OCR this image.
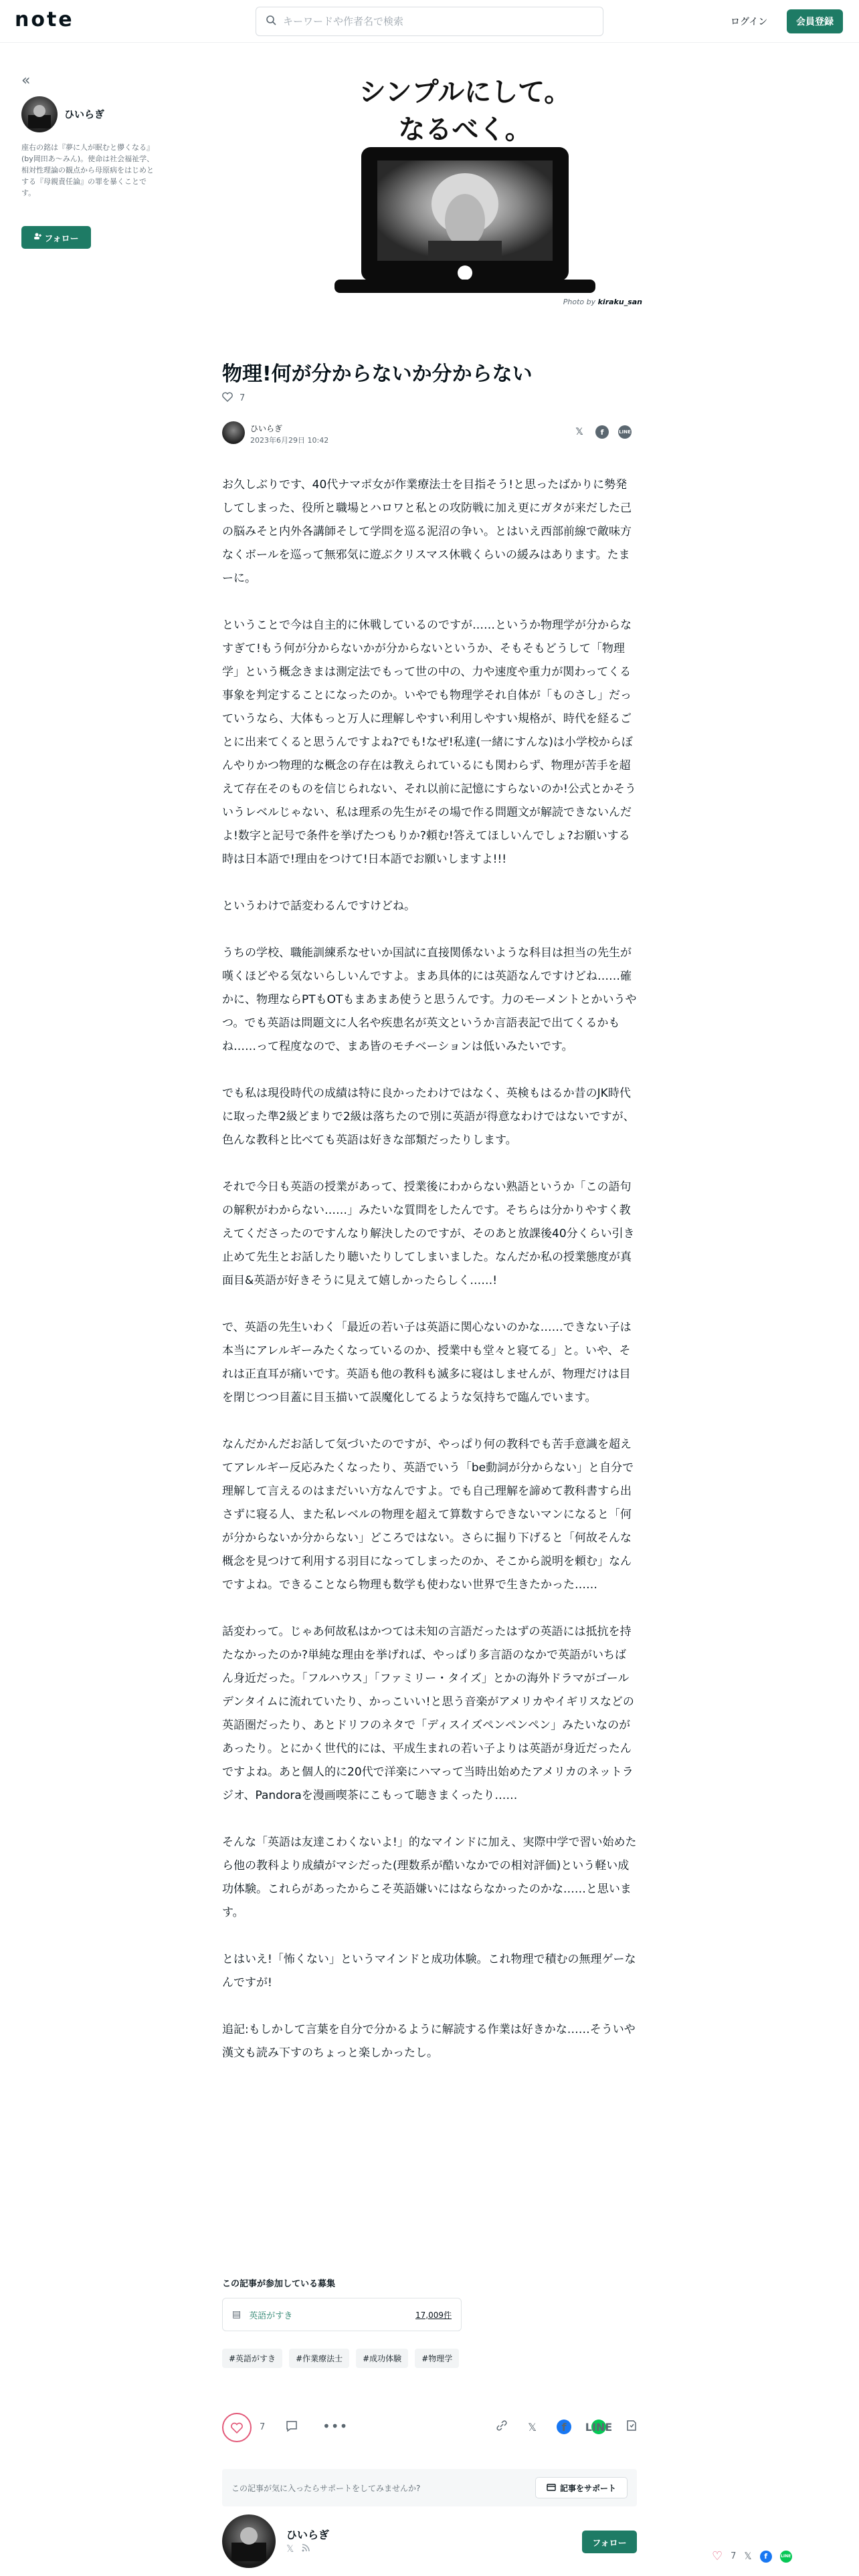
note
キーワードや作者名で検索	ログイン	会員登録
«
ひいらぎ
座右の銘は『夢に人が眠むと儚くなる』(by岡田あ〜みん)。使命は社会福祉学、相対性理論の観点から母原病をはじめとする『母親責任論』の罪を暴くことです。
フォロー
シンプルにして。
なるべく。
Photo by kiraku_san
物理!何が分からないか分からない
7
ひいらぎ
2023年6月29日 10:42
𝕏	f	LINE

お久しぶりです、40代ナマポ女が作業療法士を目指そう!と思ったばかりに勢発してしまった、役所と職場とハロワと私との攻防戦に加え更にガタが来だした己の脳みそと内外各講師そして学問を巡る泥沼の争い。とはいえ西部前線で敵味方なくボールを巡って無邪気に遊ぶクリスマス休戦くらいの緩みはあります。たまーに。

ということで今は自主的に休戦しているのですが……というか物理学が分からなすぎて!もう何が分からないかが分からないというか、そもそもどうして「物理学」という概念きまは測定法でもって世の中の、力や速度や重力が関わってくる事象を判定することになったのか。いやでも物理学それ自体が「ものさし」だっていうなら、大体もっと万人に理解しやすい利用しやすい規格が、時代を経るごとに出来てくると思うんですよね?でも!なぜ!私達(一緒にすんな)は小学校からぼんやりかつ物理的な概念の存在は教えられているにも関わらず、物理が苦手を超えて存在そのものを信じられない、それ以前に記憶にすらないのか!公式とかそういうレベルじゃない、私は理系の先生がその場で作る問題文が解読できないんだよ!数字と記号で条件を挙げたつもりか?頼む!答えてほしいんでしょ?お願いする時は日本語で!理由をつけて!日本語でお願いしますよ!!!

というわけで話変わるんですけどね。

うちの学校、職能訓練系なせいか国試に直接関係ないような科目は担当の先生が嘆くほどやる気ないらしいんですよ。まあ具体的には英語なんですけどね……確かに、物理ならPTもOTもまあまあ使うと思うんです。力のモーメントとかいうやつ。でも英語は問題文に人名や疾患名が英文というか言語表記で出てくるかもね……って程度なので、まあ皆のモチベーションは低いみたいです。

でも私は現役時代の成績は特に良かったわけではなく、英検もはるか昔のJK時代に取った準2級どまりで2級は落ちたので別に英語が得意なわけではないですが、色んな教科と比べても英語は好きな部類だったりします。

それで今日も英語の授業があって、授業後にわからない熟語というか「この語句の解釈がわからない……」みたいな質問をしたんです。そちらは分かりやすく教えてくださったのですんなり解決したのですが、そのあと放課後40分くらい引き止めて先生とお話したり聴いたりしてしまいました。なんだか私の授業態度が真面目&英語が好きそうに見えて嬉しかったらしく……!

で、英語の先生いわく「最近の若い子は英語に関心ないのかな……できない子は本当にアレルギーみたくなっているのか、授業中も堂々と寝てる」と。いや、それは正直耳が痛いです。英語も他の教科も滅多に寝はしませんが、物理だけは目を閉じつつ目蓋に目玉描いて誤魔化してるような気持ちで臨んでいます。

なんだかんだお話して気づいたのですが、やっぱり何の教科でも苦手意識を超えてアレルギー反応みたくなったり、英語でいう「be動詞が分からない」と自分で理解して言えるのはまだいい方なんですよ。でも自己理解を諦めて教科書すら出さずに寝る人、また私レベルの物理を超えて算数すらできないマンになると「何が分からないか分からない」どころではない。さらに掘り下げると「何故そんな概念を見つけて利用する羽目になってしまったのか、そこから説明を頼む」なんですよね。できることなら物理も数学も使わない世界で生きたかった……

話変わって。じゃあ何故私はかつては未知の言語だったはずの英語には抵抗を持たなかったのか?単純な理由を挙げれば、やっぱり多言語のなかで英語がいちばん身近だった。「フルハウス」「ファミリー・タイズ」とかの海外ドラマがゴールデンタイムに流れていたり、かっこいい!と思う音楽がアメリカやイギリスなどの英語圏だったり、あとドリフのネタで「ディスイズペンペンペン」みたいなのがあったり。とにかく世代的には、平成生まれの若い子よりは英語が身近だったんですよね。あと個人的に20代で洋楽にハマって当時出始めたアメリカのネットラジオ、Pandoraを漫画喫茶にこもって聴きまくったり……

そんな「英語は友達こわくないよ!」的なマインドに加え、実際中学で習い始めたら他の教科より成績がマシだった(理数系が酷いなかでの相対評価)という軽い成功体験。これらがあったからこそ英語嫌いにはならなかったのかな……と思います。

とはいえ!「怖くない」というマインドと成功体験。これ物理で積むの無理ゲーなんですが!

追記:もしかして言葉を自分で分かるように解読する作業は好きかな……そういや漢文も読み下すのちょっと楽しかったし。

この記事が参加している募集
▤ 英語がすき	17,009件
#英語がすき	#作業療法士	#成功体験	#物理学
7	•••	𝕏	f	LINE
この記事が気に入ったらサポートをしてみませんか?	記事をサポート
ひいらぎ
𝕏
フォロー
♡ 7 𝕏	f	LINE
